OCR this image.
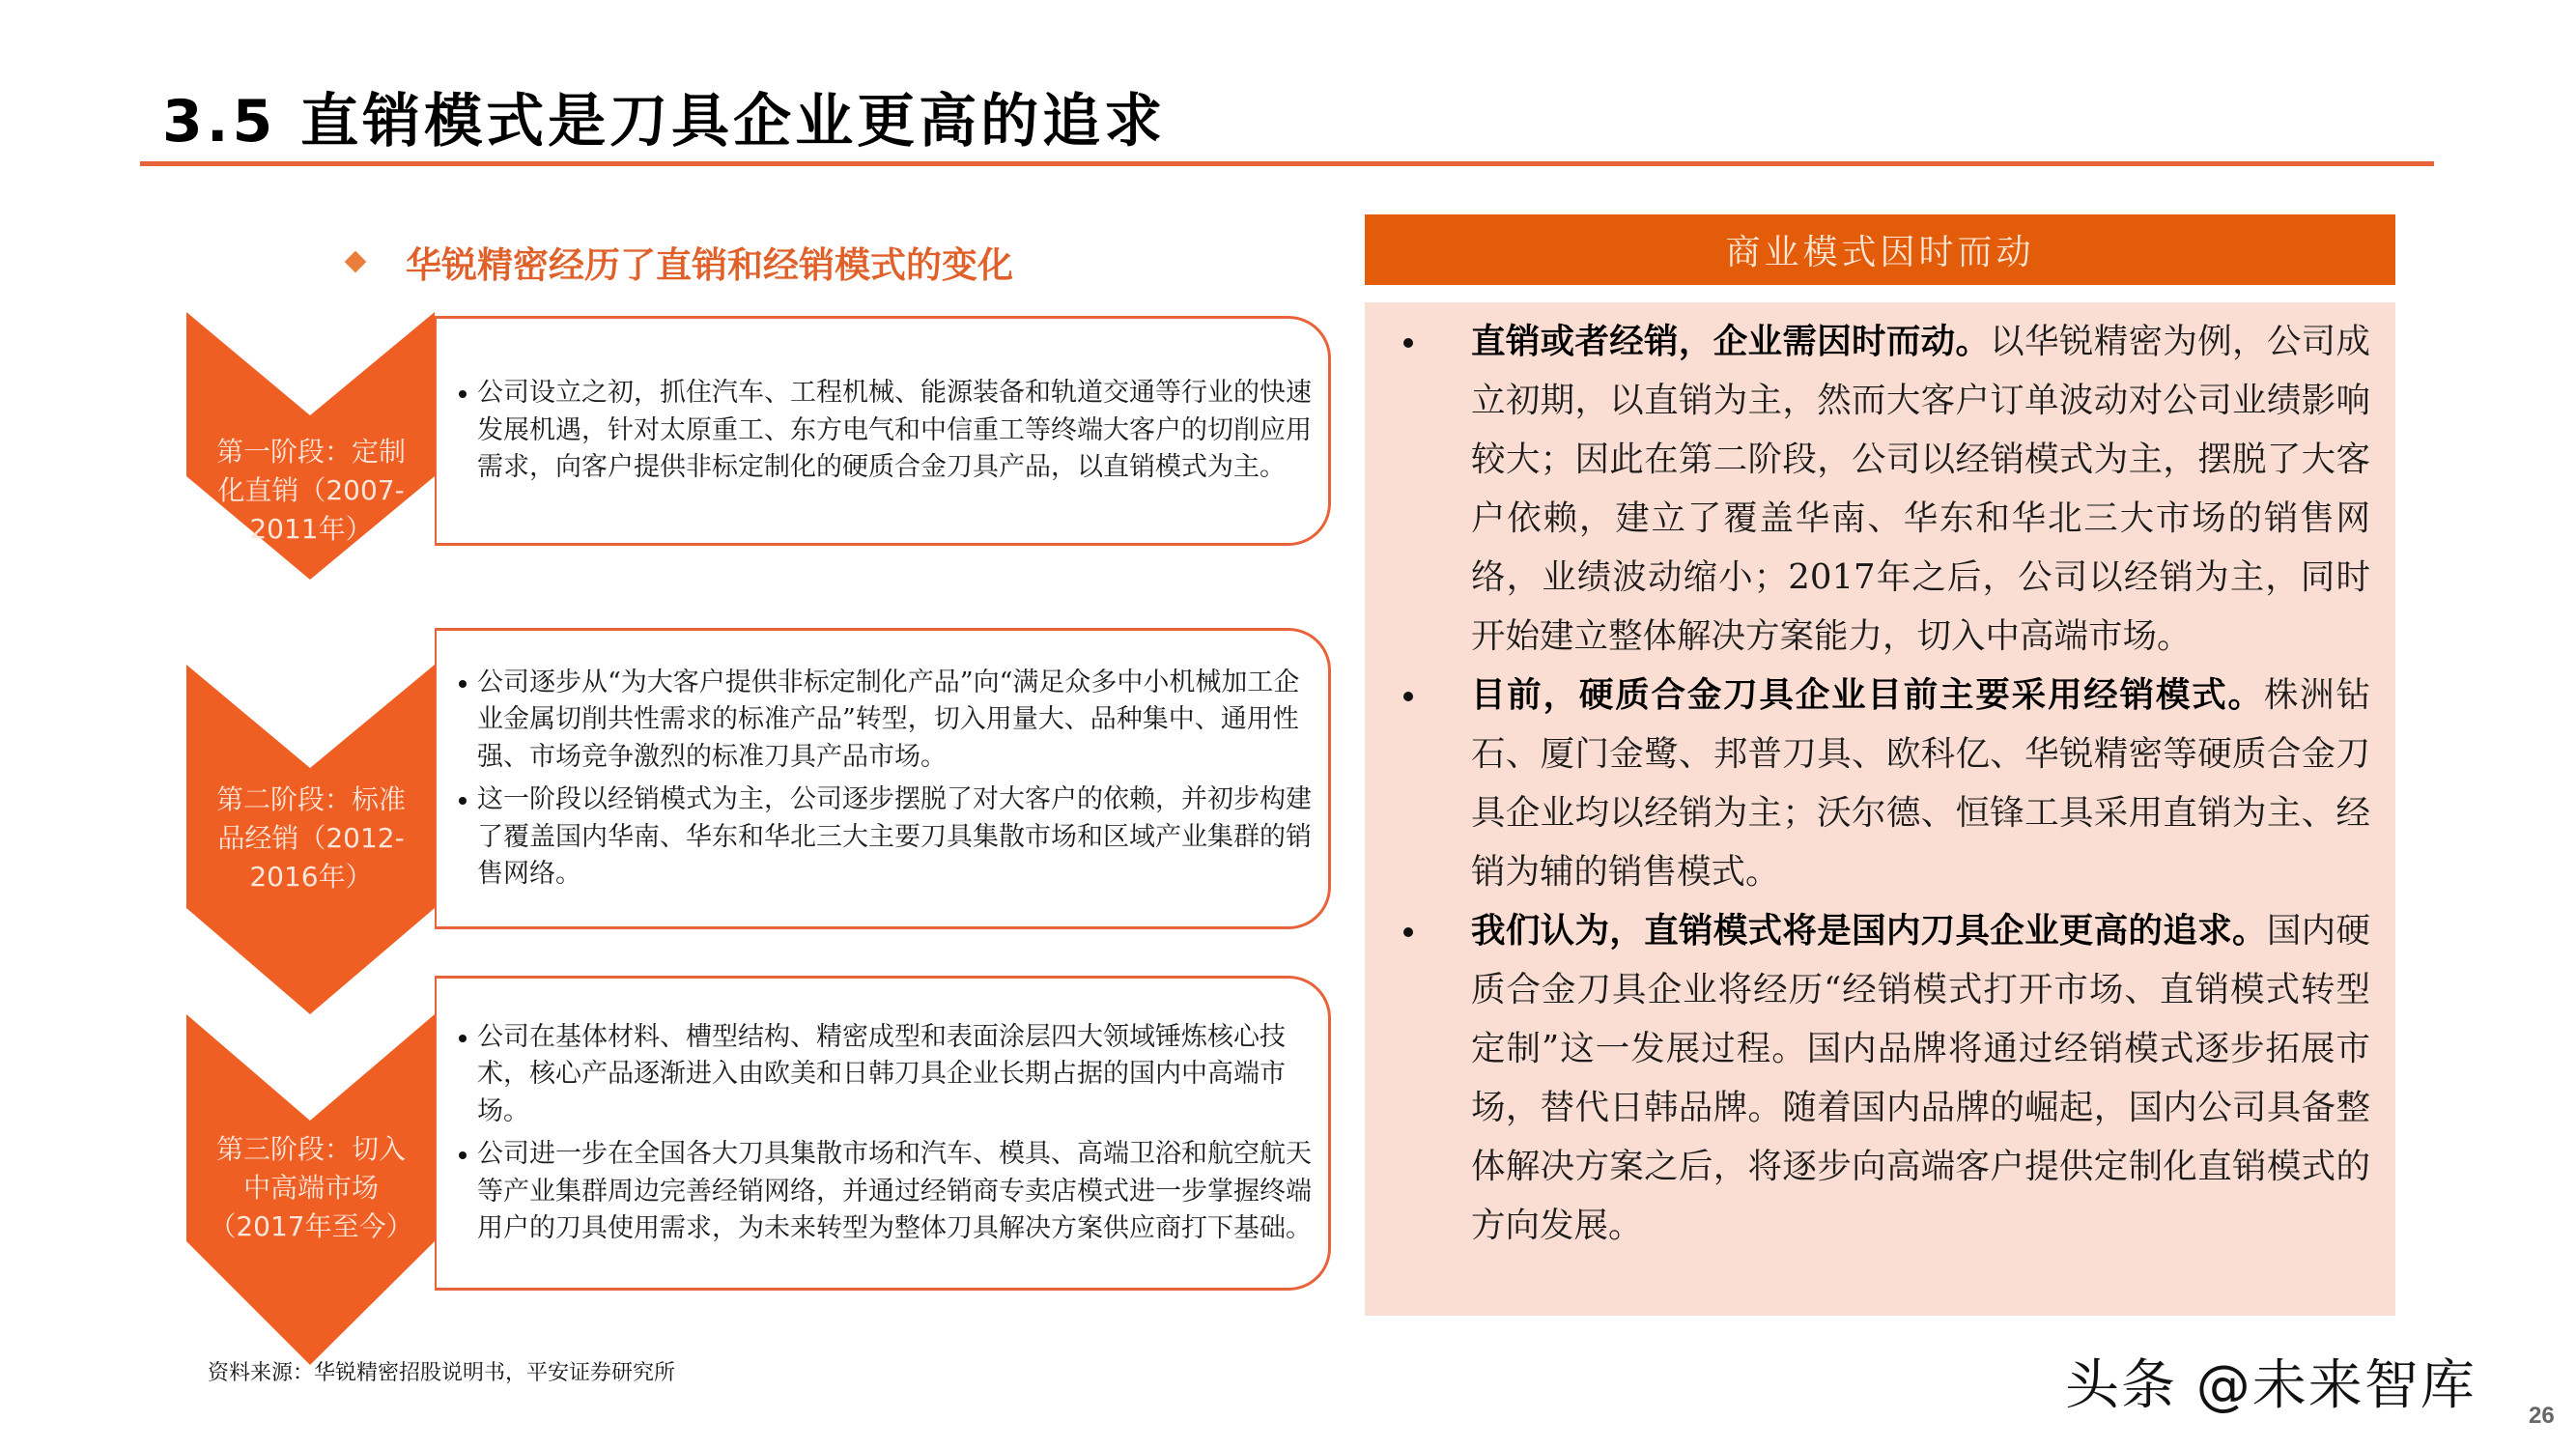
3.5 直销模式是刀具企业更高的追求
华锐精密经历了直销和经销模式的变化
第一阶段：定制
化直销（2007-
2011年）
第二阶段：标准
品经销（2012-
2016年）
第三阶段：切入
中高端市场
（2017年至今）
公司设立之初，抓住汽车、工程机械、能源装备和轨道交通等行业的快速发展机遇，针对太原重工、东方电气和中信重工等终端大客户的切削应用需求，向客户提供非标定制化的硬质合金刀具产品，以直销模式为主。
公司逐步从“为大客户提供非标定制化产品”向“满足众多中小机械加工企业金属切削共性需求的标准产品”转型，切入用量大、品种集中、通用性强、市场竞争激烈的标准刀具产品市场。
这一阶段以经销模式为主，公司逐步摆脱了对大客户的依赖，并初步构建了覆盖国内华南、华东和华北三大主要刀具集散市场和区域产业集群的销售网络。
公司在基体材料、槽型结构、精密成型和表面涂层四大领域锤炼核心技术，核心产品逐渐进入由欧美和日韩刀具企业长期占据的国内中高端市场。
公司进一步在全国各大刀具集散市场和汽车、模具、高端卫浴和航空航天等产业集群周边完善经销网络，并通过经销商专卖店模式进一步掌握终端用户的刀具使用需求，为未来转型为整体刀具解决方案供应商打下基础。
资料来源：华锐精密招股说明书，平安证券研究所
商业模式因时而动
直销或者经销，企业需因时而动。以华锐精密为例，公司成立初期，以直销为主，然而大客户订单波动对公司业绩影响较大；因此在第二阶段，公司以经销模式为主，摆脱了大客户依赖，建立了覆盖华南、华东和华北三大市场的销售网络，业绩波动缩小；2017年之后，公司以经销为主，同时开始建立整体解决方案能力，切入中高端市场。
目前，硬质合金刀具企业目前主要采用经销模式。株洲钻石、厦门金鹭、邦普刀具、欧科亿、华锐精密等硬质合金刀具企业均以经销为主；沃尔德、恒锋工具采用直销为主、经销为辅的销售模式。
我们认为，直销模式将是国内刀具企业更高的追求。国内硬质合金刀具企业将经历“经销模式打开市场、直销模式转型定制”这一发展过程。国内品牌将通过经销模式逐步拓展市场，替代日韩品牌。随着国内品牌的崛起，国内公司具备整体解决方案之后，将逐步向高端客户提供定制化直销模式的方向发展。
头条 @未来智库 26
